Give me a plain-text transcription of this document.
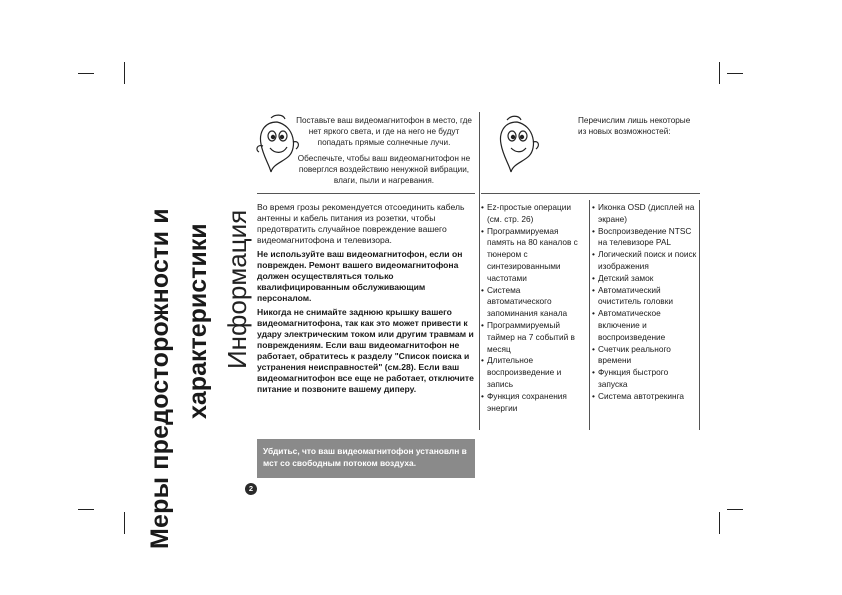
Меры предосторожности и характеристики Информация
Поставьте ваш видеомагнитофон в место, где нет яркого света, и где на него не будут попадать прямые солнечные лучи.
Обеспечьте, чтобы ваш видеомагнитофон не поверглся воздействию ненужной вибрации, влаги, пыли и нагревания.
Перечислим лишь некоторые из новых возможностей:

Во время грозы рекомендуется отсоединить кабель антенны и кабель питания из розетки, чтобы предотвратить случайное повреждение вашего видеомагнитофона и телевизора.

Не используйте ваш видеомагнитофон, если он поврежден. Ремонт вашего видеомагнитофона должен осуществляться только квалифицированным обслуживающим персоналом.

Никогда не снимайте заднюю крышку вашего видеомагнитофона, так как это может привести к удару электрическим током или другим травмам и повреждениям. Если ваш видеомагнитофон не работает, обратитесь к разделу "Список поиска и устранения неисправностей" (см.28). Если ваш видеомагнитофон все еще не работает, отключите питание и позвоните вашему диперу.

Убдитьс, что ваш видеомагнитофон установлн в мст со свободным потоком воздуха.
2
• Ez-простые операции (см. стр. 26)
• Программируемая память на 80 каналов с тюнером с синтезированными частотами
• Система автоматического запоминания канала
• Программируемый таймер на 7 событий в месяц
• Длительное воспроизведение и запись
• Функция сохранения энергии
• Иконка OSD (дисплей на экране)
• Воспроизведение NTSC на телевизоре PAL
• Логический поиск и поиск изображения
• Детский замок
• Автоматический очиститель головки
• Автоматическое включение и воспроизведение
• Счетчик реального времени
• Функция быстрого запуска
• Система автотрекинга
